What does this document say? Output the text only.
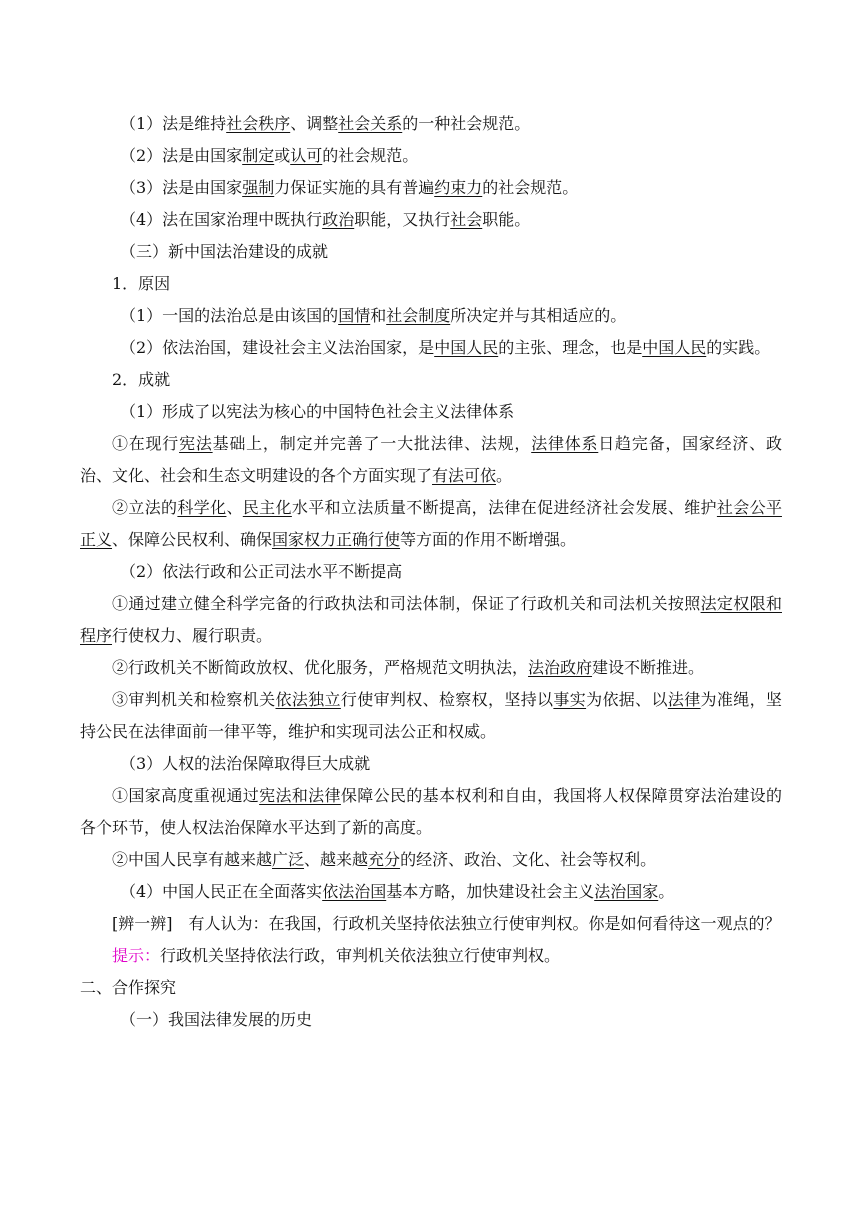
（1）法是维持社会秩序、调整社会关系的一种社会规范。

（2）法是由国家制定或认可的社会规范。

（3）法是由国家强制力保证实施的具有普遍约束力的社会规范。

（4）法在国家治理中既执行政治职能，又执行社会职能。

（三）新中国法治建设的成就

1．原因

（1）一国的法治总是由该国的国情和社会制度所决定并与其相适应的。

（2）依法治国，建设社会主义法治国家，是中国人民的主张、理念，也是中国人民的实践。

2．成就

（1）形成了以宪法为核心的中国特色社会主义法律体系

①在现行宪法基础上，制定并完善了一大批法律、法规，法律体系日趋完备，国家经济、政治、文化、社会和生态文明建设的各个方面实现了有法可依。

②立法的科学化、民主化水平和立法质量不断提高，法律在促进经济社会发展、维护社会公平正义、保障公民权利、确保国家权力正确行使等方面的作用不断增强。

（2）依法行政和公正司法水平不断提高

①通过建立健全科学完备的行政执法和司法体制，保证了行政机关和司法机关按照法定权限和程序行使权力、履行职责。

②行政机关不断简政放权、优化服务，严格规范文明执法，法治政府建设不断推进。

③审判机关和检察机关依法独立行使审判权、检察权，坚持以事实为依据、以法律为准绳，坚持公民在法律面前一律平等，维护和实现司法公正和权威。

（3）人权的法治保障取得巨大成就

①国家高度重视通过宪法和法律保障公民的基本权利和自由，我国将人权保障贯穿法治建设的各个环节，使人权法治保障水平达到了新的高度。

②中国人民享有越来越广泛、越来越充分的经济、政治、文化、社会等权利。

（4）中国人民正在全面落实依法治国基本方略，加快建设社会主义法治国家。

[辨一辨]　有人认为：在我国，行政机关坚持依法独立行使审判权。你是如何看待这一观点的？

提示：行政机关坚持依法行政，审判机关依法独立行使审判权。

二、合作探究

（一）我国法律发展的历史
